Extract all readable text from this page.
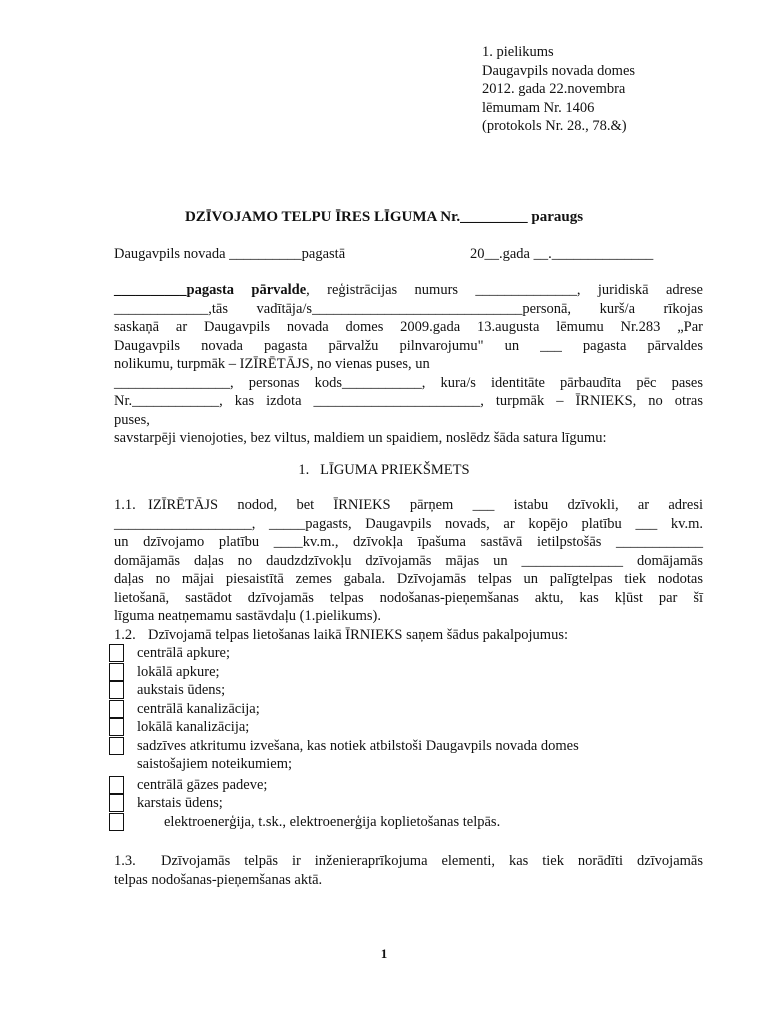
1. pielikums
Daugavpils novada domes
2012. gada 22.novembra
lēmumam Nr. 1406
(protokols Nr. 28., 78.&)
DZĪVOJAMO TELPU ĪRES LĪGUMA Nr._________ paraugs
Daugavpils novada __________pagastā	20__.gada __.______________
__________pagasta pārvalde, reģistrācijas numurs ______________, juridiskā adrese
_____________,tās vadītāja/s_____________________________personā, kurš/a rīkojas
saskaņā ar Daugavpils novada domes 2009.gada 13.augusta lēmumu Nr.283 „Par
Daugavpils novada pagasta pārvalžu pilnvarojumu" un ___ pagasta pārvaldes
nolikumu, turpmāk – IZĪRĒTĀJS, no vienas puses, un
________________, personas kods___________, kura/s identitāte pārbaudīta pēc pases
Nr.____________, kas izdota _______________________, turpmāk – ĪRNIEKS, no otras
puses,
savstarpēji vienojoties, bez viltus, maldiem un spaidiem, noslēdz šāda satura līgumu:
1. LĪGUMA PRIEKŠMETS
1.1. IZĪRĒTĀJS nodod, bet ĪRNIEKS pārņem ___ istabu dzīvokli, ar adresi
___________________, _____pagasts, Daugavpils novads, ar kopējo platību ___ kv.m.
un dzīvojamo platību ____kv.m., dzīvokļa īpašuma sastāvā ietilpstošās ____________
domājamās daļas no daudzdzīvokļu dzīvojamās mājas un ______________ domājamās
daļas no mājai piesaistītā zemes gabala. Dzīvojamās telpas un palīgtelpas tiek nodotas
lietošanā, sastādot dzīvojamās telpas nodošanas-pieņemšanas aktu, kas kļūst par šī
līguma neatņemamu sastāvdaļu (1.pielikums).
1.2. Dzīvojamā telpas lietošanas laikā ĪRNIEKS saņem šādus pakalpojumus:
centrālā apkure;
lokālā apkure;
aukstais ūdens;
centrālā kanalizācija;
lokālā kanalizācija;
sadzīves atkritumu izvešana, kas notiek atbilstoši Daugavpils novada domes
saistošajiem noteikumiem;
centrālā gāzes padeve;
karstais ūdens;
elektroenerģija, t.sk., elektroenerģija koplietošanas telpās.
1.3. Dzīvojamās telpās ir inženieraprīkojuma elementi, kas tiek norādīti dzīvojamās
telpas nodošanas-pieņemšanas aktā.
1
